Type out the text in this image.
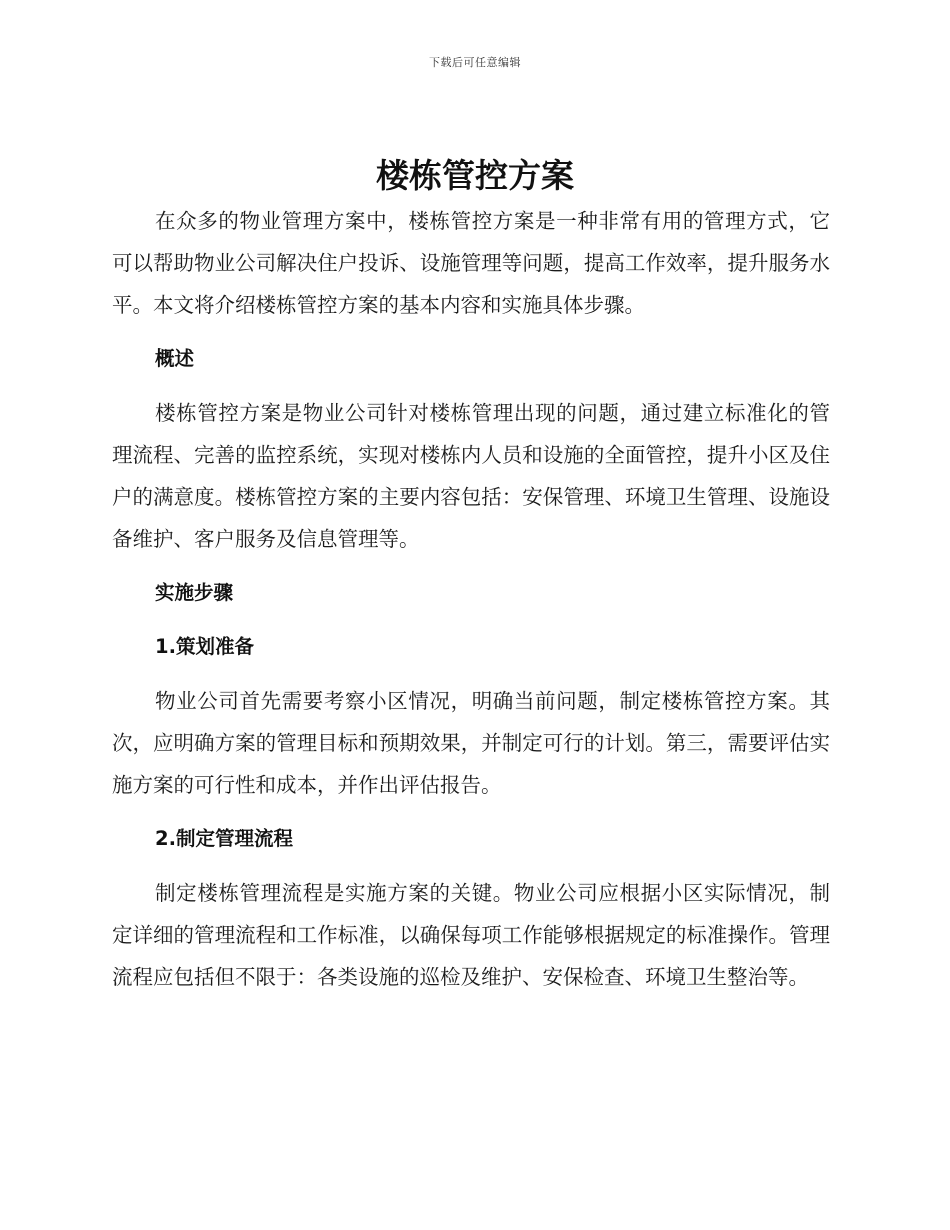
下载后可任意编辑
楼栋管控方案

在众多的物业管理方案中，楼栋管控方案是一种非常有用的管理方式，它可以帮助物业公司解决住户投诉、设施管理等问题，提高工作效率，提升服务水平。本文将介绍楼栋管控方案的基本内容和实施具体步骤。

概述

楼栋管控方案是物业公司针对楼栋管理出现的问题，通过建立标准化的管理流程、完善的监控系统，实现对楼栋内人员和设施的全面管控，提升小区及住户的满意度。楼栋管控方案的主要内容包括：安保管理、环境卫生管理、设施设备维护、客户服务及信息管理等。

实施步骤
1.策划准备

物业公司首先需要考察小区情况，明确当前问题，制定楼栋管控方案。其次，应明确方案的管理目标和预期效果，并制定可行的计划。第三，需要评估实施方案的可行性和成本，并作出评估报告。

2.制定管理流程

制定楼栋管理流程是实施方案的关键。物业公司应根据小区实际情况，制定详细的管理流程和工作标准，以确保每项工作能够根据规定的标准操作。管理流程应包括但不限于：各类设施的巡检及维护、安保检查、环境卫生整治等。
